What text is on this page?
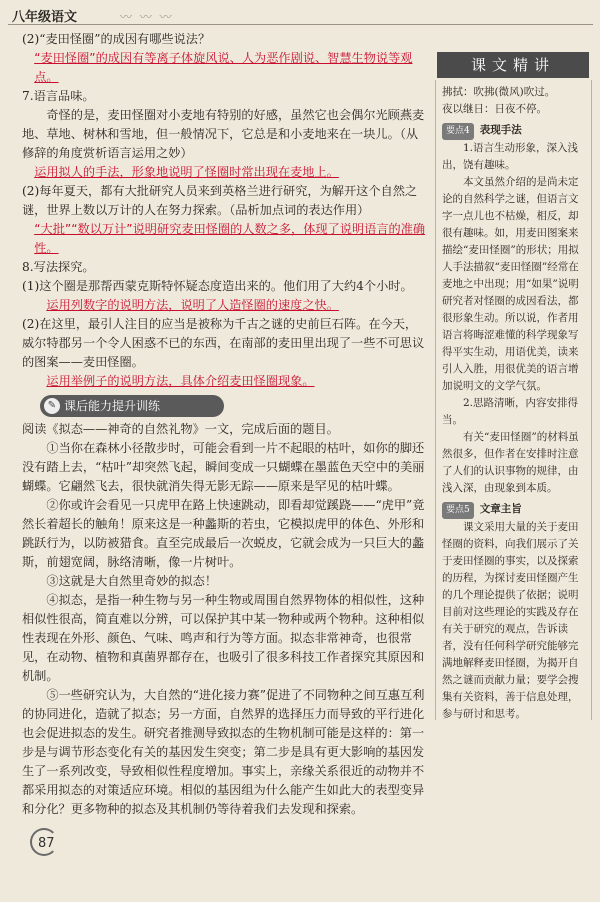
八年级语文	〰 〰 〰

(2)“麦田怪圈”的成因有哪些说法？

“麦田怪圈”的成因有等离子体旋风说、人为恶作剧说、智慧生物说等观点。

7.语言品味。

奇怪的是，麦田怪圈对小麦地有特别的好感，虽然它也会偶尔光顾燕麦地、草地、树林和雪地，但一般情况下，它总是和小麦地来在一块儿。（从修辞的角度赏析语言运用之妙）

运用拟人的手法，形象地说明了怪圈时常出现在麦地上。

(2)每年夏天，都有大批研究人员来到英格兰进行研究，为解开这个自然之谜，世界上数以万计的人在努力探索。（品析加点词的表达作用）

“大批”“数以万计”说明研究麦田怪圈的人数之多，体现了说明语言的准确性。

8.写法探究。

(1)这个圈是那帮西蒙克斯特怀疑态度造出来的。他们用了大约4个小时。

运用列数字的说明方法，说明了人造怪圈的速度之快。

(2)在这里，最引人注目的应当是被称为千古之谜的史前巨石阵。在今天，威尔特郡另一个令人困惑不已的东西，在南部的麦田里出现了一些不可思议的图案——麦田怪圈。

运用举例子的说明方法，具体介绍麦田怪圈现象。

✎ 课后能力提升训练

阅读《拟态——神奇的自然礼物》一文，完成后面的题目。

①当你在森林小径散步时，可能会看到一片不起眼的枯叶，如你的脚还没有踏上去，“枯叶”却突然飞起，瞬间变成一只蝴蝶在墨蓝色天空中的美丽蝴蝶。它翩然飞去，很快就消失得无影无踪——原来是罕见的枯叶蝶。

②你或许会看见一只虎甲在路上快速跳动，即看却觉蹊跷——“虎甲”竟然长着超长的触角！原来这是一种蠡斯的若虫，它模拟虎甲的体色、外形和跳跃行为，以防被猎食。直至完成最后一次蜕皮，它就会成为一只巨大的蠡斯，前翅宽阔，脉络清晰，像一片树叶。

③这就是大自然里奇妙的拟态！

④拟态，是指一种生物与另一种生物或周围自然界物体的相似性，这种相似性很高，简直难以分辨，可以保护其中某一物种或两个物种。这种相似性表现在外形、颜色、气味、鸣声和行为等方面。拟态非常神奇，也很常见，在动物、植物和真菌界都存在，也吸引了很多科技工作者探究其原因和机制。

⑤一些研究认为，大自然的“进化接力赛”促进了不同物种之间互惠互利的协同进化，造就了拟态；另一方面，自然界的选择压力而导致的平行进化也会促进拟态的发生。研究者推测导致拟态的生物机制可能是这样的：第一步是与调节形态变化有关的基因发生突变；第二步是具有更大影响的基因发生了一系列改变，导致相似性程度增加。事实上，亲缘关系很近的动物并不都采用拟态的对策适应环境。相似的基因组为什么能产生如此大的表型变异和分化？更多物种的拟态及其机制仍等待着我们去发现和探索。

课文精讲

拂拭：吹拂(微风)吹过。

夜以继日：日夜不停。

要点4 表现手法

1.语言生动形象，深入浅出，饶有趣味。

本文虽然介绍的是尚未定论的自然科学之谜，但语言文字一点儿也不枯燥，相反，却很有趣味。如，用麦田图案来描绘“麦田怪圈”的形状；用拟人手法描叙“麦田怪圈”经常在麦地之中出现；用“如果”说明研究者对怪圈的成因看法，都很形象生动。所以说，作者用语言将晦涩难懂的科学现象写得平实生动，用语优美，读来引人入胜，用很优美的语言增加说明文的文学气氛。

2.思路清晰，内容安排得当。

有关“麦田怪圈”的材料虽然很多，但作者在安排时注意了人们的认识事物的规律，由浅入深，由现象到本质。

要点5 文章主旨

课文采用大量的关于麦田怪圈的资料，向我们展示了关于麦田怪圈的事实，以及探索的历程，为探讨麦田怪圈产生的几个理论提供了依据；说明目前对这些理论的实践及存在有关于研究的观点，告诉读者，没有任何科学研究能够完满地解释麦田怪圈，为揭开自然之谜而贡献力量；要学会搜集有关资料，善于信息处理，参与研讨和思考。

87
